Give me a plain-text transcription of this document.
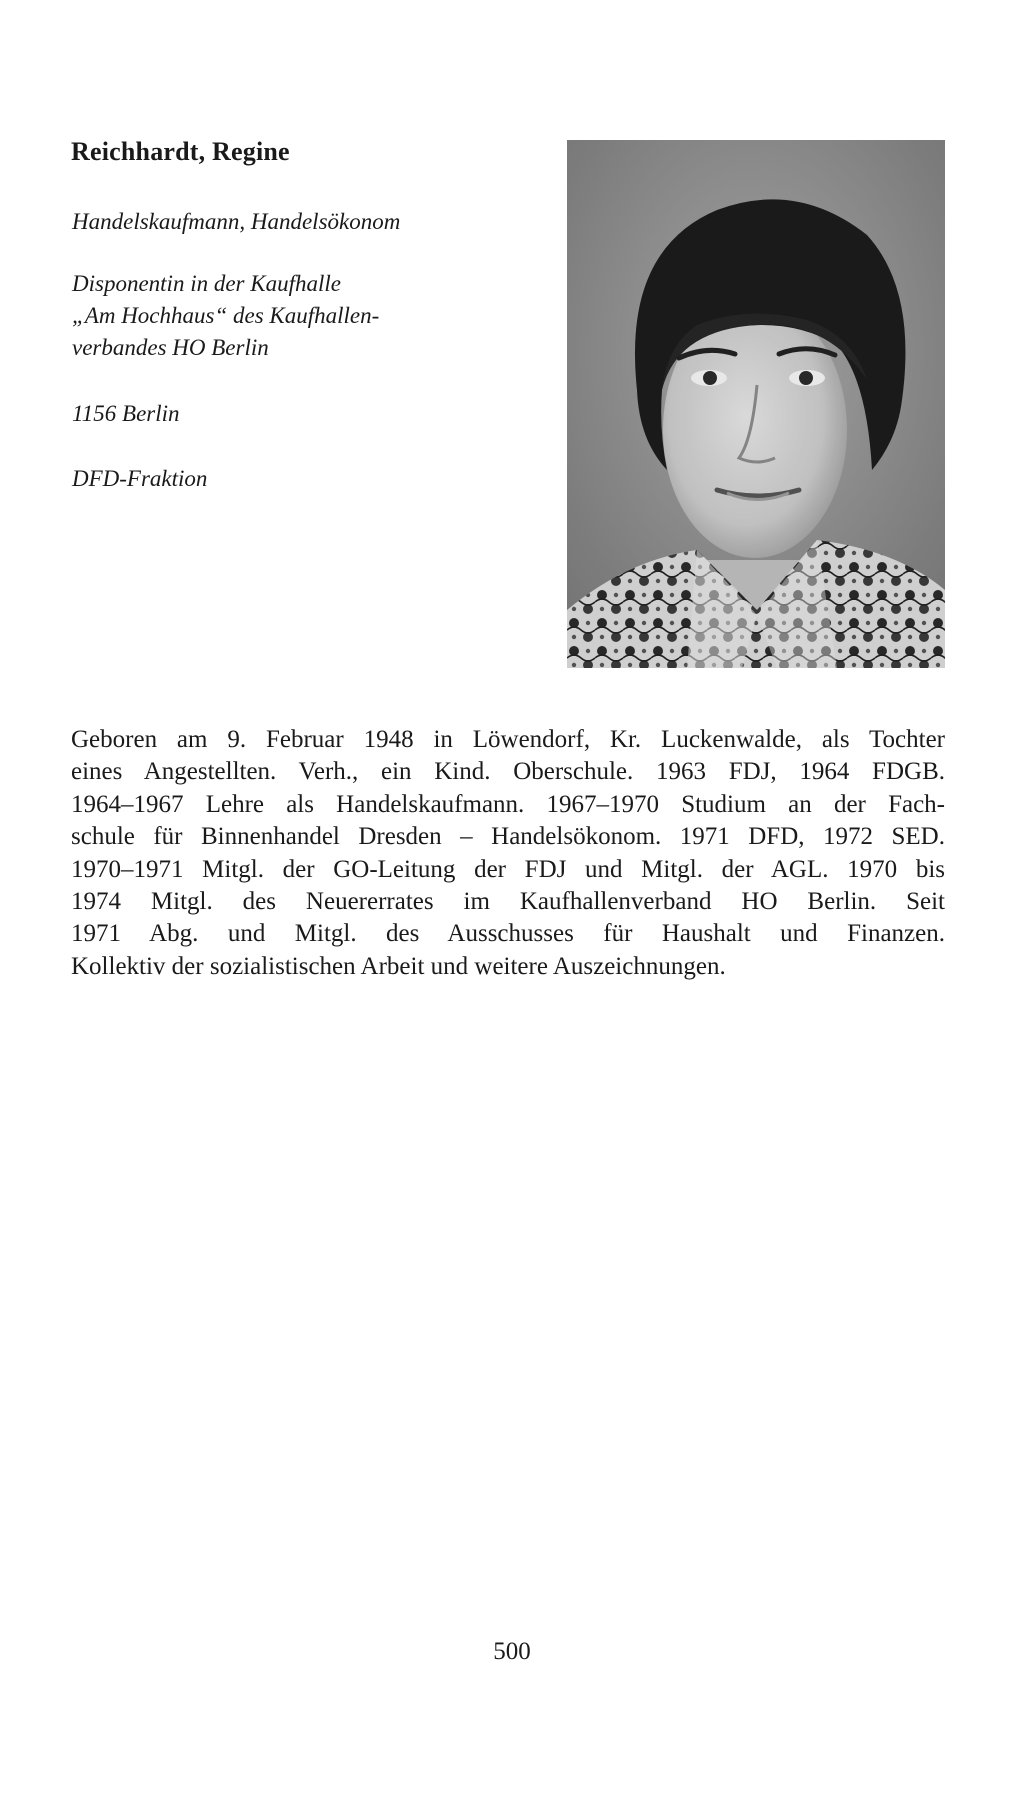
Reichhardt, Regine
Handelskaufmann, Handelsökonom
Disponentin in der Kaufhalle
„Am Hochhaus“ des Kaufhallen-
verbandes HO Berlin
1156 Berlin
DFD-Fraktion
Geboren am 9. Februar 1948 in Löwendorf, Kr. Luckenwalde, als Tochter
eines Angestellten. Verh., ein Kind. Oberschule. 1963 FDJ, 1964 FDGB.
1964–1967 Lehre als Handelskaufmann. 1967–1970 Studium an der Fach-
schule für Binnenhandel Dresden – Handelsökonom. 1971 DFD, 1972 SED.
1970–1971 Mitgl. der GO-Leitung der FDJ und Mitgl. der AGL. 1970 bis
1974 Mitgl. des Neuererrates im Kaufhallenverband HO Berlin. Seit
1971 Abg. und Mitgl. des Ausschusses für Haushalt und Finanzen.
Kollektiv der sozialistischen Arbeit und weitere Auszeichnungen.
500
